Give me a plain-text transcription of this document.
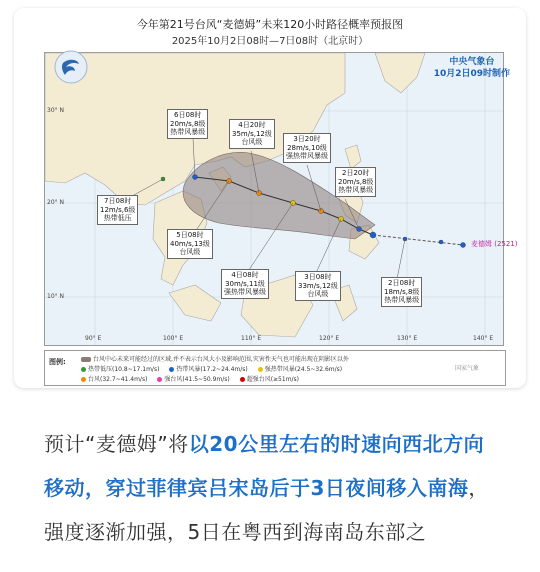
今年第21号台风“麦德姆”未来120小时路径概率预报图
2025年10月2日08时—7日08时（北京时）
90° E	100° E	110° E	120° E	130° E	140° E
30° N
20° N
10° N
麦德姆 (2521)
6日08时
20m/s,8级
热带风暴级
4日20时
35m/s,12级
台风级	3日20时
28m/s,10级
强热带风暴级
2日20时
20m/s,8级
热带风暴级
7日08时
12m/s,6级
热带低压
5日08时
40m/s,13级
台风级
4日08时
30m/s,11级
强热带风暴级
3日08时
33m/s,12级
台风级
2日08时
18m/s,8级
热带风暴级
中央气象台
10月2日09时制作
图例:	台风中心未来可能经过的区域,并不表示台风大小及影响范围,灾害性天气也可能出现在阴影区以外
热带低压(10.8~17.1m/s)	热带风暴(17.2~24.4m/s)	强热带风暴(24.5~32.6m/s)
台风(32.7~41.4m/s)	强台风(41.5~50.9m/s)	超强台风(≥51m/s)
国家气象
预计“麦德姆”将以20公里左右的时速向西北方向移动，穿过菲律宾吕宋岛后于3日夜间移入南海，强度逐渐加强，5日在粤西到海南岛东部之
